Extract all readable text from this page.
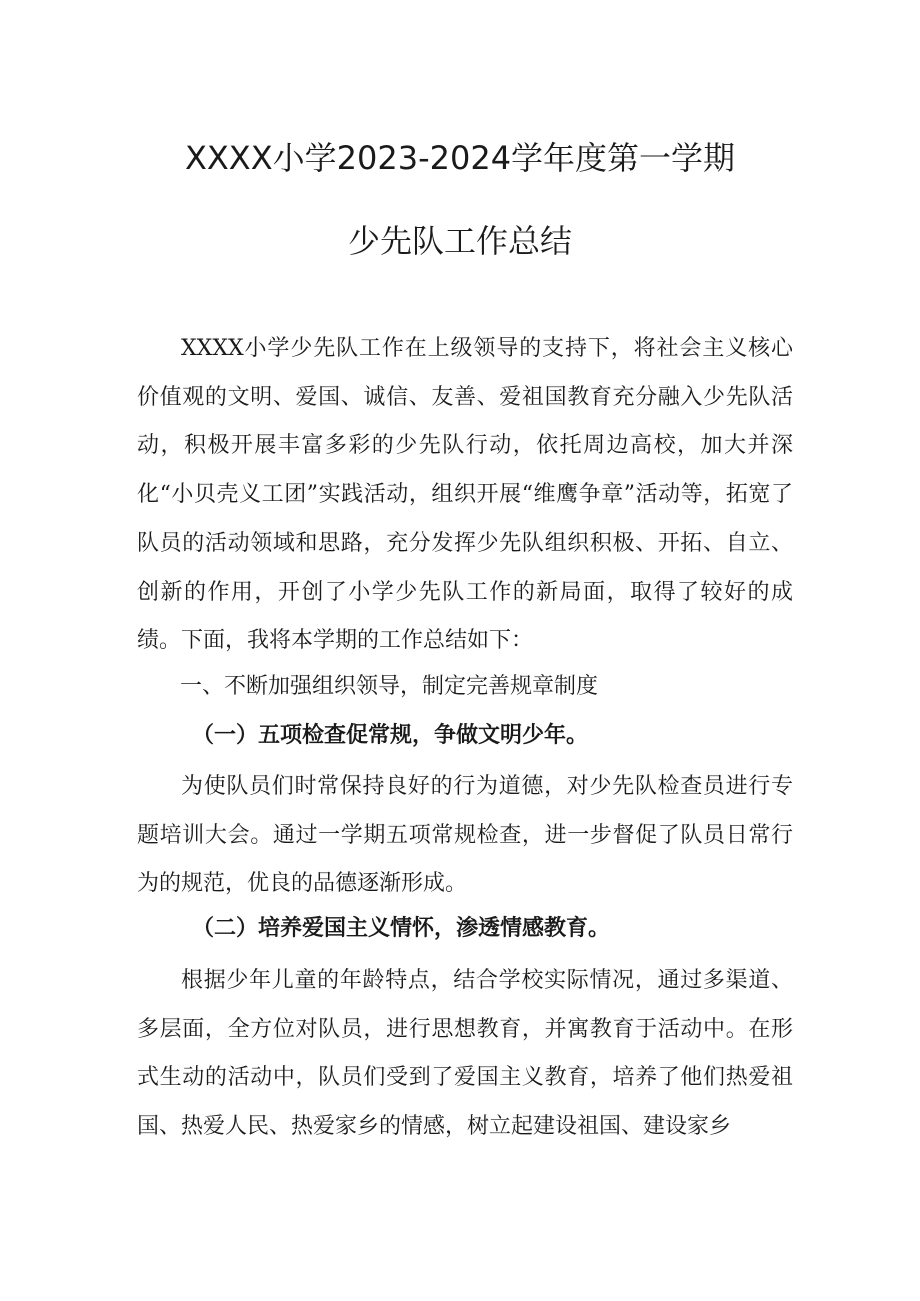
XXXX小学2023-2024学年度第一学期
少先队工作总结

XXXX小学少先队工作在上级领导的支持下，将社会主义核心价值观的文明、爱国、诚信、友善、爱祖国教育充分融入少先队活动，积极开展丰富多彩的少先队行动，依托周边高校，加大并深化“小贝壳义工团”实践活动，组织开展“维鹰争章”活动等，拓宽了队员的活动领域和思路，充分发挥少先队组织积极、开拓、自立、创新的作用，开创了小学少先队工作的新局面，取得了较好的成绩。下面，我将本学期的工作总结如下：

一、不断加强组织领导，制定完善规章制度
（一）五项检查促常规，争做文明少年。

为使队员们时常保持良好的行为道德，对少先队检查员进行专题培训大会。通过一学期五项常规检查，进一步督促了队员日常行为的规范，优良的品德逐渐形成。

（二）培养爱国主义情怀，渗透情感教育。

根据少年儿童的年龄特点，结合学校实际情况，通过多渠道、多层面，全方位对队员，进行思想教育，并寓教育于活动中。在形式生动的活动中，队员们受到了爱国主义教育，培养了他们热爱祖国、热爱人民、热爱家乡的情感，树立起建设祖国、建设家乡
